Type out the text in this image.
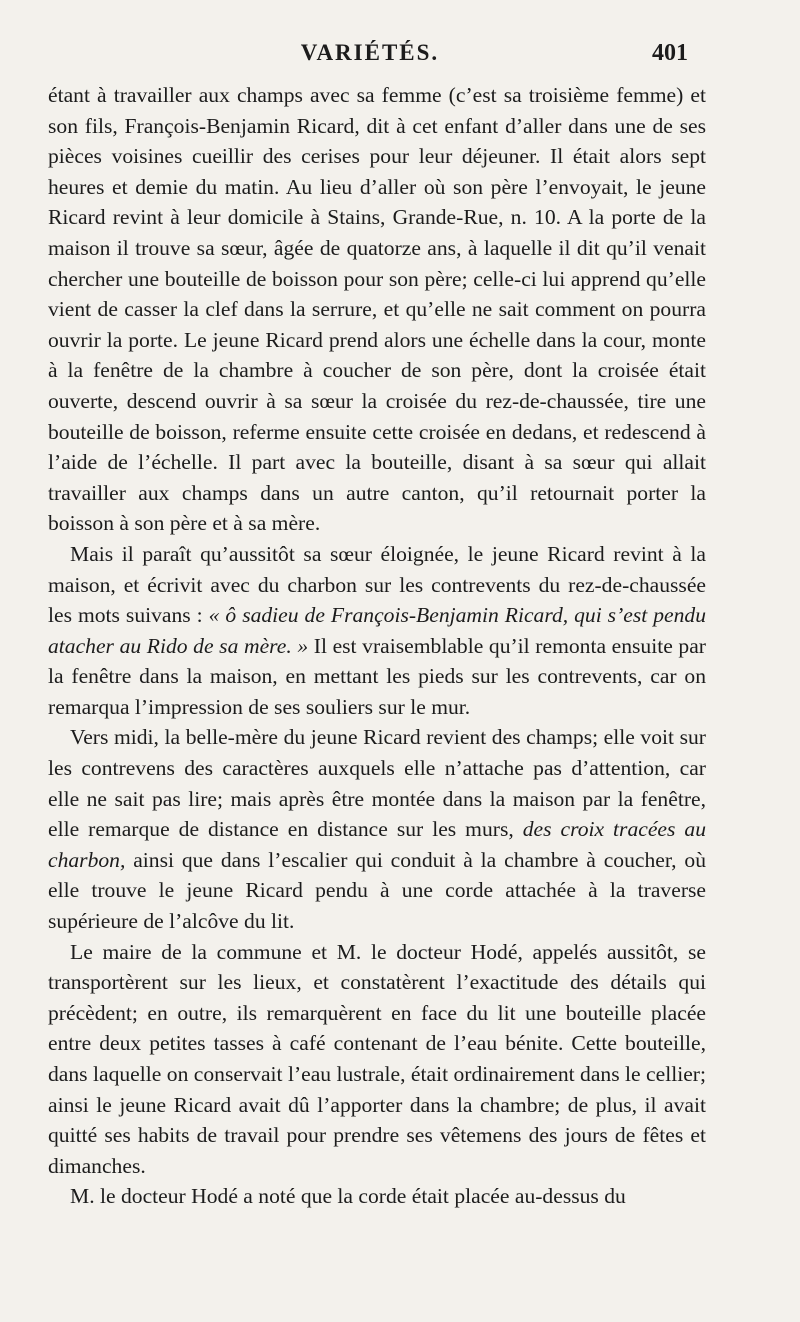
VARIÉTÉS.	401

étant à travailler aux champs avec sa femme (c’est sa troisième femme) et son fils, François-Benjamin Ricard, dit à cet enfant d’aller dans une de ses pièces voisines cueillir des cerises pour leur déjeuner. Il était alors sept heures et demie du matin. Au lieu d’aller où son père l’envoyait, le jeune Ricard revint à leur domicile à Stains, Grande-Rue, n. 10. A la porte de la maison il trouve sa sœur, âgée de quatorze ans, à laquelle il dit qu’il venait chercher une bouteille de boisson pour son père; celle-ci lui apprend qu’elle vient de casser la clef dans la serrure, et qu’elle ne sait comment on pourra ouvrir la porte. Le jeune Ricard prend alors une échelle dans la cour, monte à la fenêtre de la chambre à coucher de son père, dont la croisée était ouverte, descend ouvrir à sa sœur la croisée du rez-de-chaussée, tire une bouteille de boisson, referme ensuite cette croisée en dedans, et redescend à l’aide de l’échelle. Il part avec la bouteille, disant à sa sœur qui allait travailler aux champs dans un autre canton, qu’il retournait porter la boisson à son père et à sa mère.

Mais il paraît qu’aussitôt sa sœur éloignée, le jeune Ricard revint à la maison, et écrivit avec du charbon sur les contrevents du rez-de-chaussée les mots suivans : « ô sadieu de François-Benjamin Ricard, qui s’est pendu atacher au Rido de sa mère. » Il est vraisemblable qu’il remonta ensuite par la fenêtre dans la maison, en mettant les pieds sur les contrevents, car on remarqua l’impression de ses souliers sur le mur.

Vers midi, la belle-mère du jeune Ricard revient des champs; elle voit sur les contrevens des caractères auxquels elle n’attache pas d’attention, car elle ne sait pas lire; mais après être montée dans la maison par la fenêtre, elle remarque de distance en distance sur les murs, des croix tracées au charbon, ainsi que dans l’escalier qui conduit à la chambre à coucher, où elle trouve le jeune Ricard pendu à une corde attachée à la traverse supérieure de l’alcôve du lit.

Le maire de la commune et M. le docteur Hodé, appelés aussitôt, se transportèrent sur les lieux, et constatèrent l’exactitude des détails qui précèdent; en outre, ils remarquèrent en face du lit une bouteille placée entre deux petites tasses à café contenant de l’eau bénite. Cette bouteille, dans laquelle on conservait l’eau lustrale, était ordinairement dans le cellier; ainsi le jeune Ricard avait dû l’apporter dans la chambre; de plus, il avait quitté ses habits de travail pour prendre ses vêtemens des jours de fêtes et dimanches.

M. le docteur Hodé a noté que la corde était placée au-dessus du
